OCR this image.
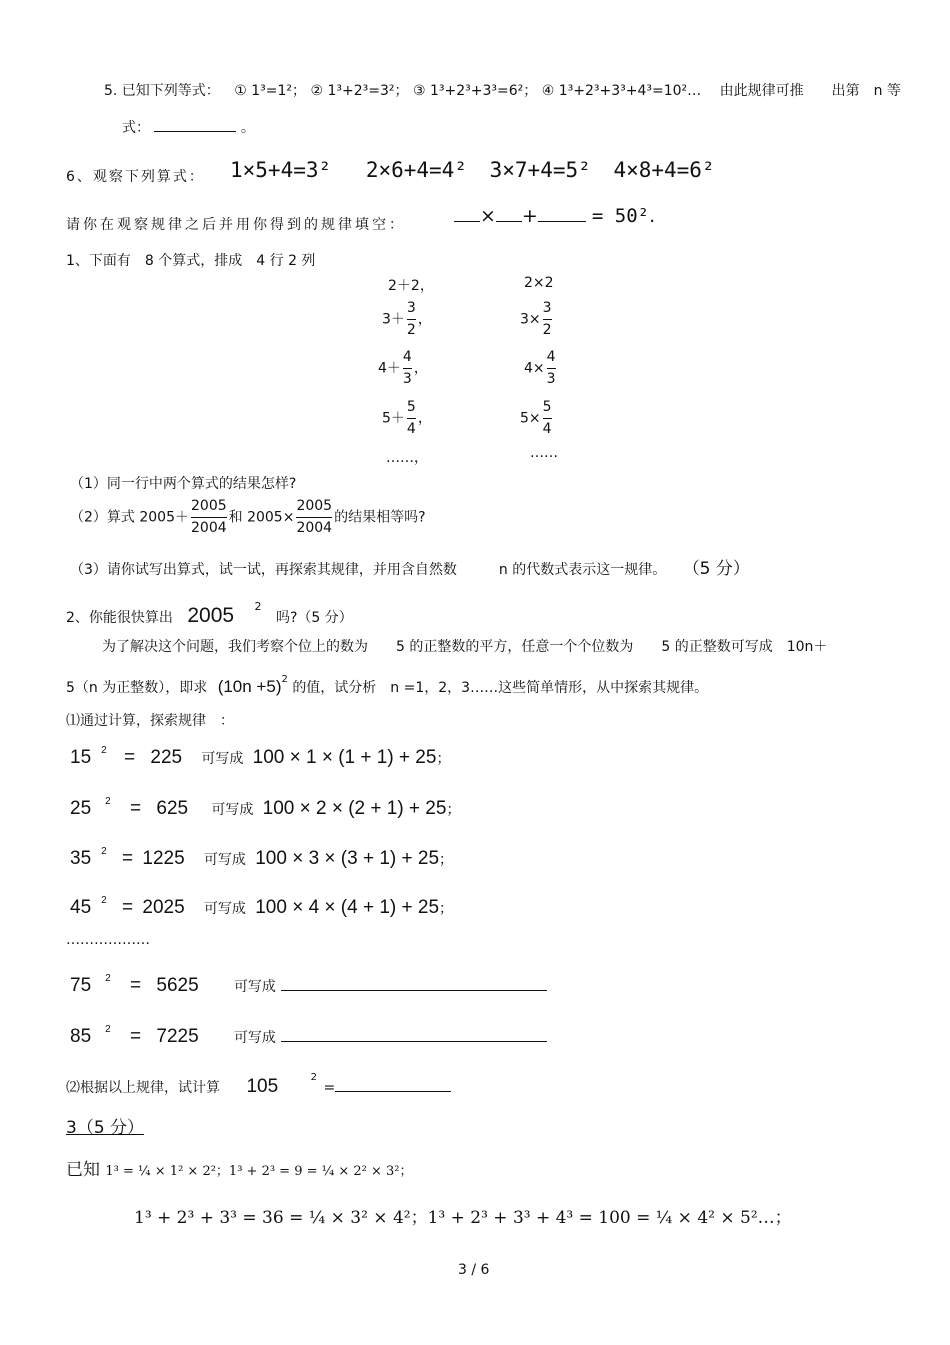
5. 已知下列等式： ① 1³=1²； ② 1³+2³=3²； ③ 1³+2³+3³=6²； ④ 1³+2³+3³+4³=10²… 由此规律可推　　出第　n 等
式：	。
6、观察下列算式： 1×5+4=3² 2×6+4=4² 3×7+4=5² 4×8+4=6²
请你在观察规律之后并用你得到的规律填空：	× +	= 50².
1、下面有　8 个算式，排成　4 行 2 列
2＋2，	2×2
$3+ \frac{3}{2}$ ，	$3\times \frac{3}{2}$
$4+ \frac{4}{3}$ ，	$4\times \frac{4}{3}$
$5+ \frac{5}{4}$ ，	$5\times \frac{5}{4}$
……，	……
（1）同一行中两个算式的结果怎样?
（2）算式 $2005+ \frac{2005}{2004}$ 和 $2005\times \frac{2005}{2004}$ 的结果相等吗?
（3）请你试写出算式，试一试，再探索其规律，并用含自然数　　　n 的代数式表示这一规律。 （5 分）
2、你能很快算出 2005 $^2$ 吗?（5 分）
为了解决这个问题，我们考察个位上的数为　　5 的正整数的平方，任意一个个位数为　　5 的正整数可写成　10n＋
5（n 为正整数），即求 $(10n +5)^2$ 的值，试分析　n =1，2，3……这些简单情形，从中探索其规律。
⑴通过计算，探索规律　：
15 $^2$ = 225 可写成 100 × 1 × (1 + 1) + 25；
25 $^2$ = 625 可写成 100 × 2 × (2 + 1) + 25；
35 $^2$ = 1225 可写成 100 × 3 × (3 + 1) + 25；
45 $^2$ = 2025 可写成 100 × 4 × (4 + 1) + 25；
………………
75 $^2$ = 5625	可写成
85 $^2$ = 7225	可写成
⑵根据以上规律，试计算 105	$^2$ =
3（5 分）
已知 1³ = ¼ × 1² × 2²；1³ + 2³ = 9 = ¼ × 2² × 3²；
1³ + 2³ + 3³ = 36 = ¼ × 3² × 4²；1³ + 2³ + 3³ + 4³ = 100 = ¼ × 4² × 5²…；
3 / 6
